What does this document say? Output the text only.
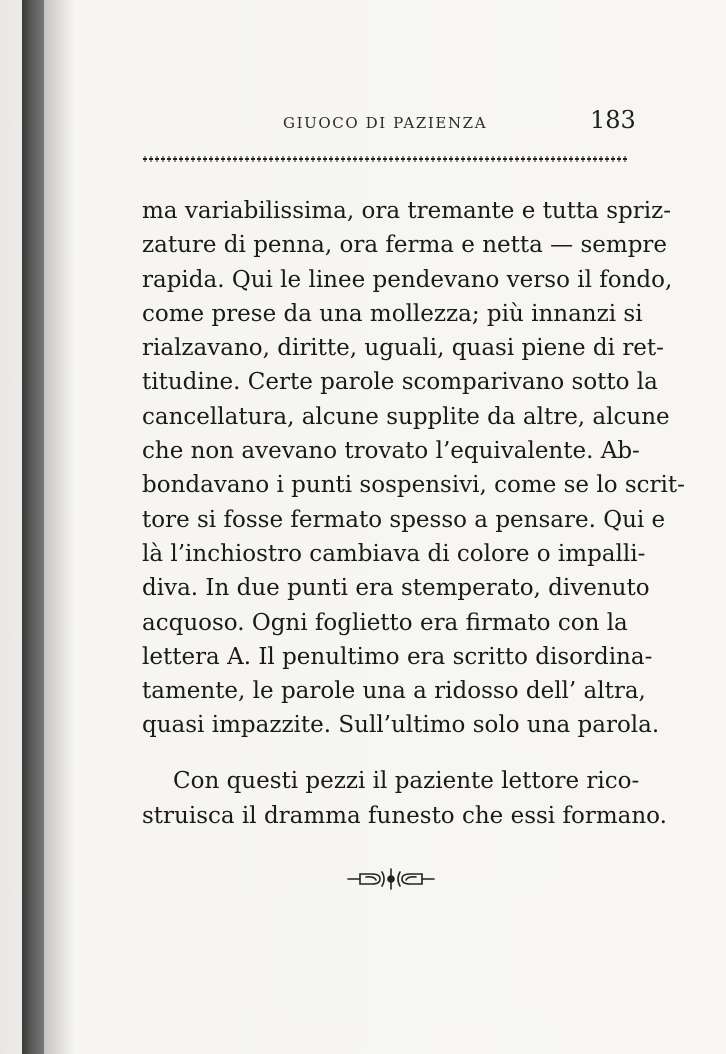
GIUOCO DI PAZIENZA	183
ma variabilissima, ora tremante e tutta spriz-
zature di penna, ora ferma e netta — sempre
rapida. Qui le linee pendevano verso il fondo,
come prese da una mollezza; più innanzi si
rialzavano, diritte, uguali, quasi piene di ret-
titudine. Certe parole scomparivano sotto la
cancellatura, alcune supplite da altre, alcune
che non avevano trovato l’equivalente. Ab-
bondavano i punti sospensivi, come se lo scrit-
tore si fosse fermato spesso a pensare. Qui e
là l’inchiostro cambiava di colore o impalli-
diva. In due punti era stemperato, divenuto
acquoso. Ogni foglietto era firmato con la
lettera A. Il penultimo era scritto disordina-
tamente, le parole una a ridosso dell’ altra,
quasi impazzite. Sull’ultimo solo una parola.
Con questi pezzi il paziente lettore rico-
struisca il dramma funesto che essi formano.
